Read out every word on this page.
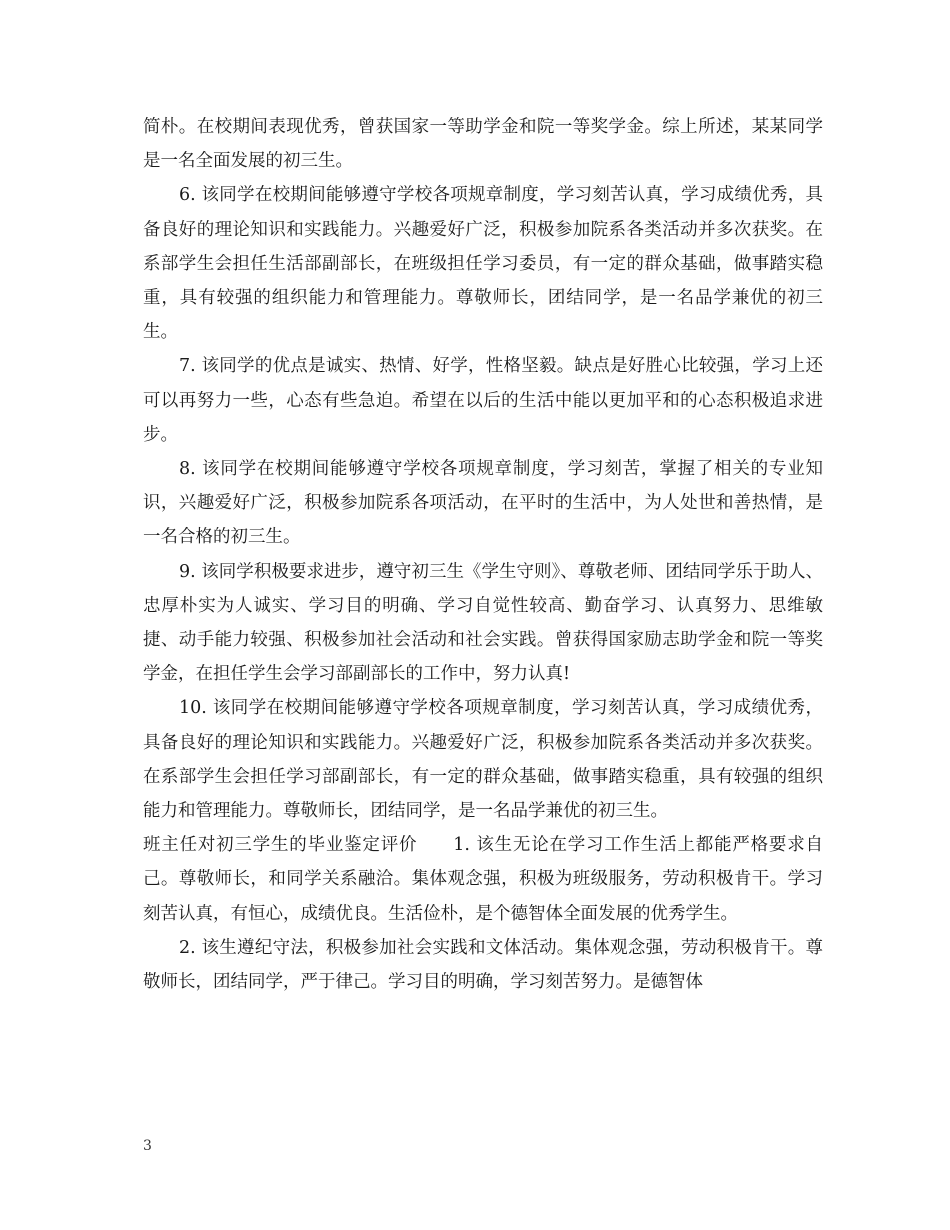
简朴。在校期间表现优秀，曾获国家一等助学金和院一等奖学金。综上所述，某某同学是一名全面发展的初三生。

6. 该同学在校期间能够遵守学校各项规章制度，学习刻苦认真，学习成绩优秀，具备良好的理论知识和实践能力。兴趣爱好广泛，积极参加院系各类活动并多次获奖。在系部学生会担任生活部副部长，在班级担任学习委员，有一定的群众基础，做事踏实稳重，具有较强的组织能力和管理能力。尊敬师长，团结同学，是一名品学兼优的初三生。

7. 该同学的优点是诚实、热情、好学，性格坚毅。缺点是好胜心比较强，学习上还可以再努力一些，心态有些急迫。希望在以后的生活中能以更加平和的心态积极追求进步。

8. 该同学在校期间能够遵守学校各项规章制度，学习刻苦，掌握了相关的专业知识，兴趣爱好广泛，积极参加院系各项活动，在平时的生活中，为人处世和善热情，是一名合格的初三生。

9. 该同学积极要求进步，遵守初三生《学生守则》、尊敬老师、团结同学乐于助人、忠厚朴实为人诚实、学习目的明确、学习自觉性较高、勤奋学习、认真努力、思维敏捷、动手能力较强、积极参加社会活动和社会实践。曾获得国家励志助学金和院一等奖学金，在担任学生会学习部副部长的工作中，努力认真!

10. 该同学在校期间能够遵守学校各项规章制度，学习刻苦认真，学习成绩优秀，具备良好的理论知识和实践能力。兴趣爱好广泛，积极参加院系各类活动并多次获奖。在系部学生会担任学习部副部长，有一定的群众基础，做事踏实稳重，具有较强的组织能力和管理能力。尊敬师长，团结同学，是一名品学兼优的初三生。

班主任对初三学生的毕业鉴定评价 1. 该生无论在学习工作生活上都能严格要求自己。尊敬师长，和同学关系融洽。集体观念强，积极为班级服务，劳动积极肯干。学习刻苦认真，有恒心，成绩优良。生活俭朴，是个德智体全面发展的优秀学生。

2. 该生遵纪守法，积极参加社会实践和文体活动。集体观念强，劳动积极肯干。尊敬师长，团结同学，严于律己。学习目的明确，学习刻苦努力。是德智体

3
